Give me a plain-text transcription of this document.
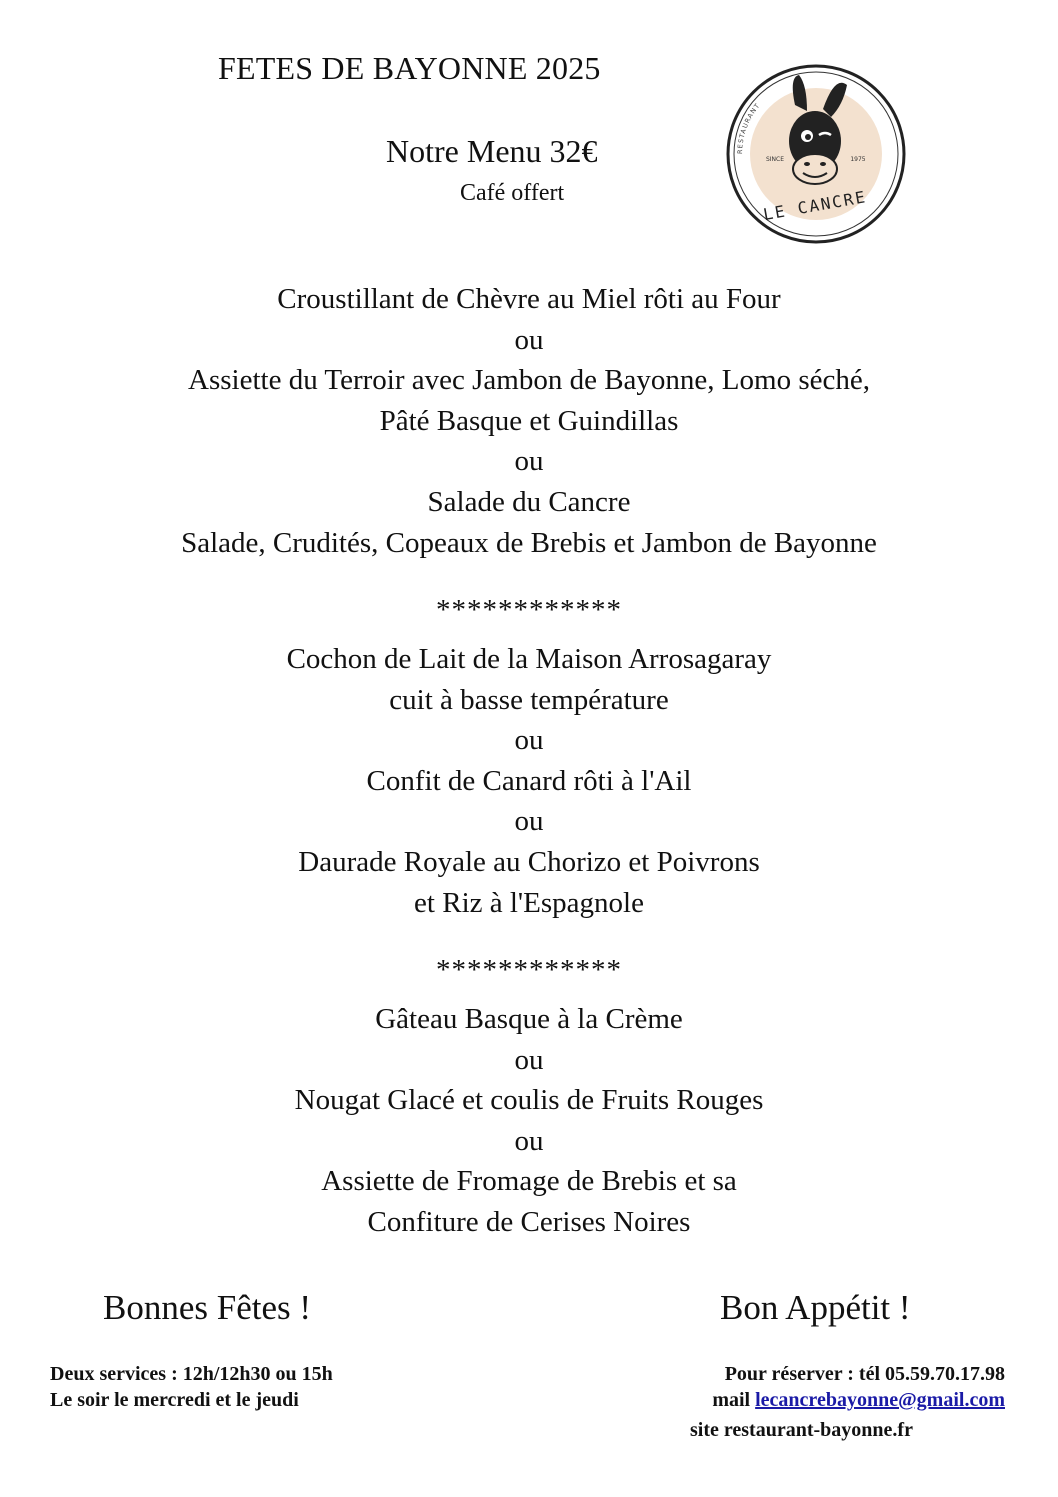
FETES DE BAYONNE 2025
Notre Menu 32€
Café offert
RESTAURANT
SINCE	1975
LE CANCRE
Croustillant de Chèvre au Miel rôti au Four
ou
Assiette du Terroir avec Jambon de Bayonne, Lomo séché,
Pâté Basque et Guindillas
ou
Salade du Cancre
Salade, Crudités, Copeaux de Brebis et Jambon de Bayonne
************
Cochon de Lait de la Maison Arrosagaray
cuit à basse température
ou
Confit de Canard rôti à l'Ail
ou
Daurade Royale au Chorizo et Poivrons
et Riz à l'Espagnole
************
Gâteau Basque à la Crème
ou
Nougat Glacé et coulis de Fruits Rouges
ou
Assiette de Fromage de Brebis et sa
Confiture de Cerises Noires
Bonnes Fêtes !	Bon Appétit !
Deux services : 12h/12h30 ou 15h
Le soir le mercredi et le jeudi
Pour réserver : tél 05.59.70.17.98
mail lecancrebayonne@gmail.com
site restaurant-bayonne.fr
